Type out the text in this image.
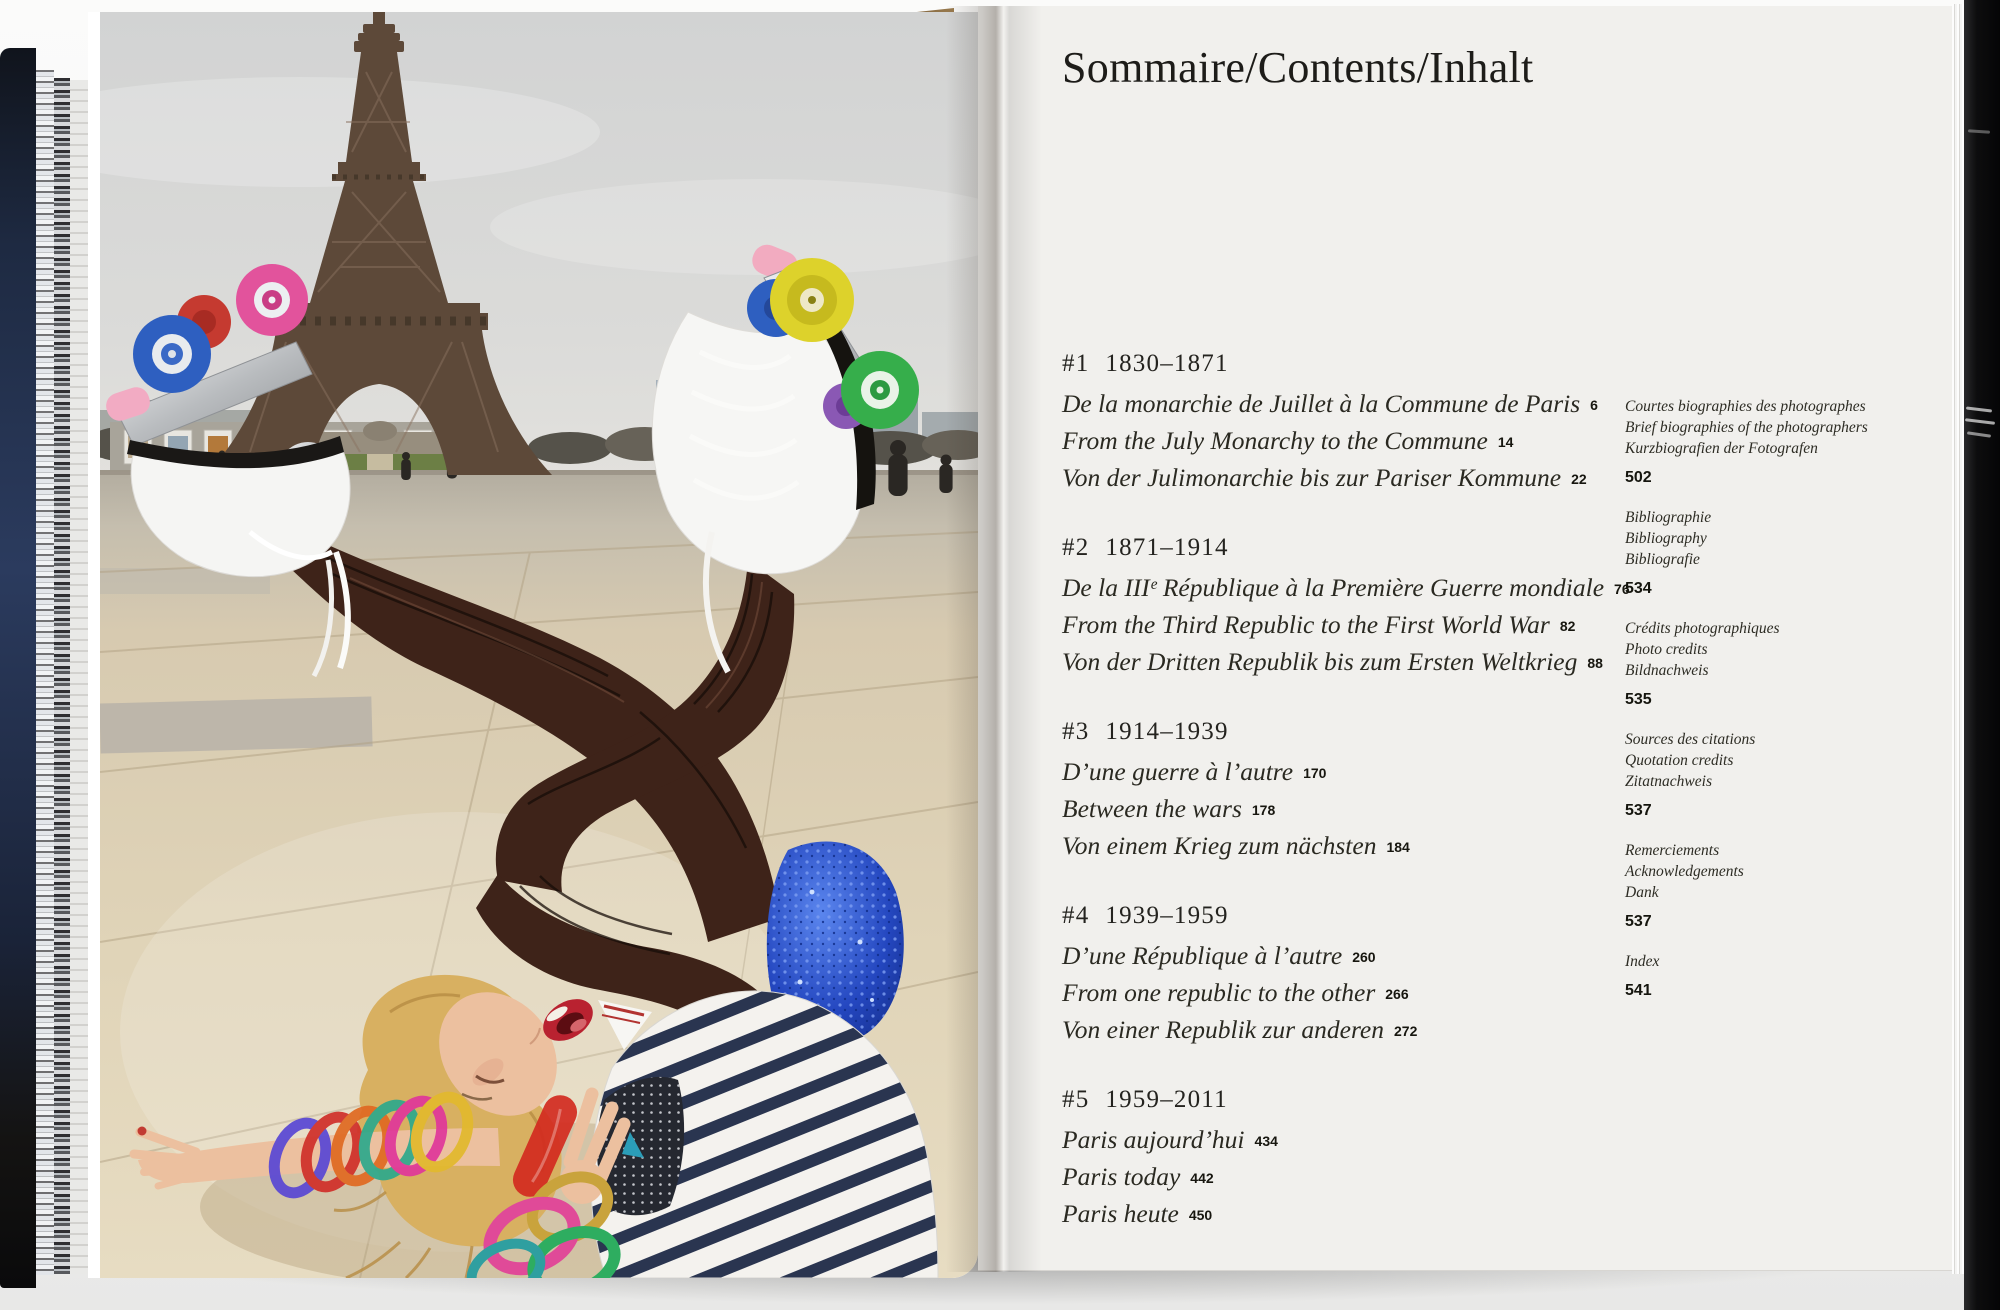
Sommaire/Contents/Inhalt
#1 1830–1871
De la monarchie de Juillet à la Commune de Paris 6
From the July Monarchy to the Commune 14
Von der Julimonarchie bis zur Pariser Kommune 22
#2 1871–1914
De la IIIᵉ République à la Première Guerre mondiale 76
From the Third Republic to the First World War 82
Von der Dritten Republik bis zum Ersten Weltkrieg 88
#3 1914–1939
D’une guerre à l’autre 170
Between the wars 178
Von einem Krieg zum nächsten 184
#4 1939–1959
D’une République à l’autre 260
From one republic to the other 266
Von einer Republik zur anderen 272
#5 1959–2011
Paris aujourd’hui 434
Paris today 442
Paris heute 450
Courtes biographies des photographes
Brief biographies of the photographers
Kurzbiografien der Fotografen
502
Bibliographie
Bibliography
Bibliografie
534
Crédits photographiques
Photo credits
Bildnachweis
535
Sources des citations
Quotation credits
Zitatnachweis
537
Remerciements
Acknowledgements
Dank
537
Index
541
